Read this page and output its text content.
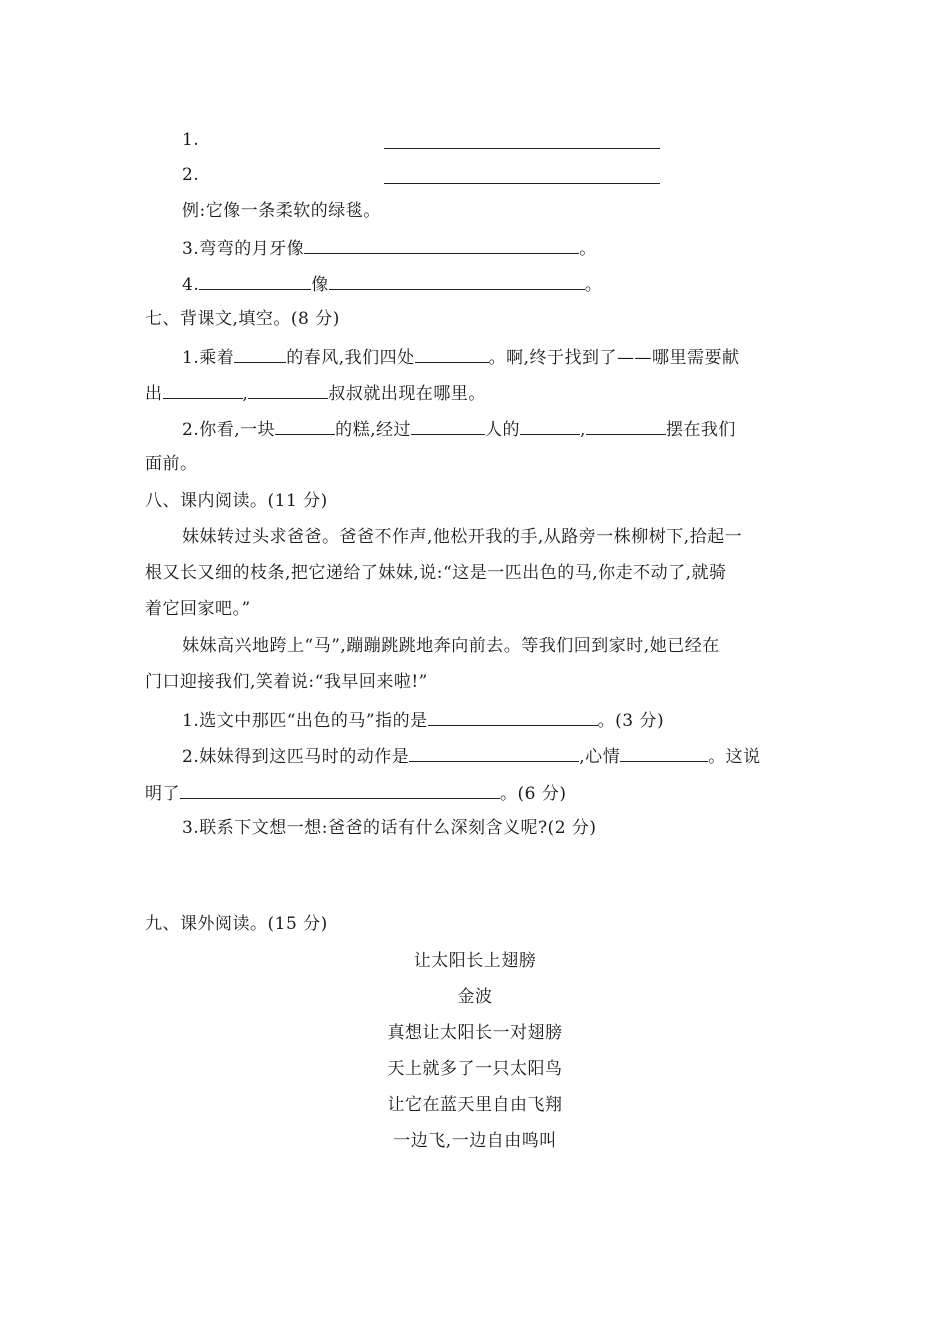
1.
2.
例:它像一条柔软的绿毯。
3.弯弯的月牙像	。
4.	像	。
七、背课文,填空。(8 分)
1.乘着	的春风,我们四处	。啊,终于找到了——哪里需要献
出	,	叔叔就出现在哪里。
2.你看,一块	的糕,经过	人的	,	摆在我们
面前。
八、课内阅读。(11 分)
妹妹转过头求爸爸。爸爸不作声,他松开我的手,从路旁一株柳树下,拾起一
根又长又细的枝条,把它递给了妹妹,说:“这是一匹出色的马,你走不动了,就骑
着它回家吧。”
妹妹高兴地跨上“马”,蹦蹦跳跳地奔向前去。等我们回到家时,她已经在
门口迎接我们,笑着说:“我早回来啦!”
1.选文中那匹“出色的马”指的是	。(3 分)
2.妹妹得到这匹马时的动作是	,心情	。这说
明了	。(6 分)
3.联系下文想一想:爸爸的话有什么深刻含义呢?(2 分)
九、课外阅读。(15 分)
让太阳长上翅膀
金波
真想让太阳长一对翅膀
天上就多了一只太阳鸟
让它在蓝天里自由飞翔
一边飞,一边自由鸣叫
